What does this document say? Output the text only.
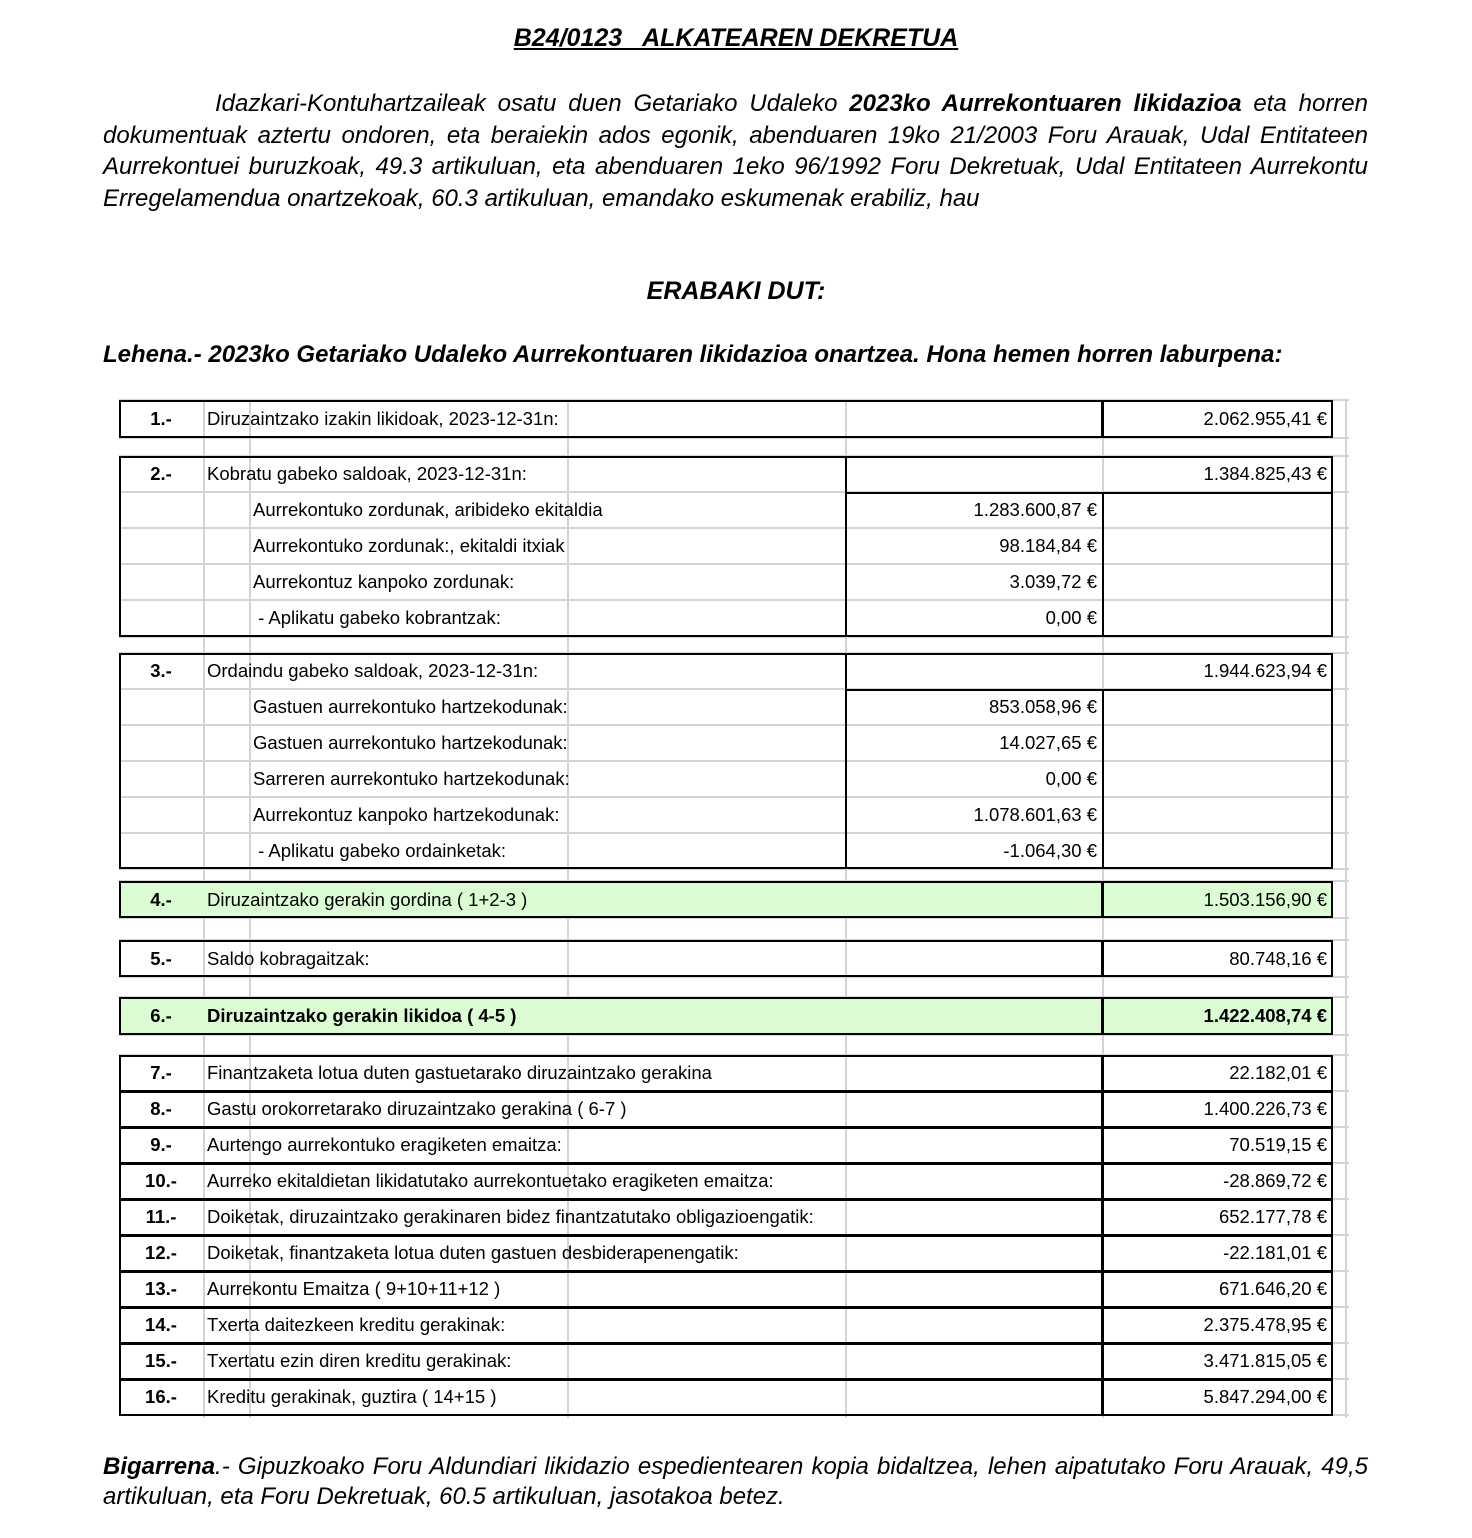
B24/0123   ALKATEAREN DEKRETUA
Idazkari-Kontuhartzaileak osatu duen Getariako Udaleko 2023ko Aurrekontuaren likidazioa eta horren dokumentuak aztertu ondoren, eta beraiekin ados egonik, abenduaren 19ko 21/2003 Foru Arauak, Udal Entitateen Aurrekontuei buruzkoak, 49.3 artikuluan, eta abenduaren 1eko 96/1992 Foru Dekretuak, Udal Entitateen Aurrekontu Erregelamendua onartzekoak, 60.3 artikuluan, emandako eskumenak erabiliz, hau
ERABAKI DUT:
Lehena.- 2023ko Getariako Udaleko Aurrekontuaren likidazioa onartzea. Hona hemen horren laburpena:
1.-	Diruzaintzako izakin likidoak, 2023-12-31n:	2.062.955,41 €
2.-	Kobratu gabeko saldoak, 2023-12-31n:	1.384.825,43 €
Aurrekontuko zordunak, aribideko ekitaldia	1.283.600,87 €
Aurrekontuko zordunak:, ekitaldi itxiak	98.184,84 €
Aurrekontuz kanpoko zordunak:	3.039,72 €
- Aplikatu gabeko kobrantzak:	0,00 €
3.-	Ordaindu gabeko saldoak, 2023-12-31n:	1.944.623,94 €
Gastuen aurrekontuko hartzekodunak:	853.058,96 €
Gastuen aurrekontuko hartzekodunak:	14.027,65 €
Sarreren aurrekontuko hartzekodunak:	0,00 €
Aurrekontuz kanpoko hartzekodunak:	1.078.601,63 €
- Aplikatu gabeko ordainketak:	-1.064,30 €
4.-	Diruzaintzako gerakin gordina ( 1+2-3 )	1.503.156,90 €
5.-	Saldo kobragaitzak:	80.748,16 €
6.-	Diruzaintzako gerakin likidoa ( 4-5 )	1.422.408,74 €
7.-	Finantzaketa lotua duten gastuetarako diruzaintzako gerakina	22.182,01 €
8.-	Gastu orokorretarako diruzaintzako gerakina ( 6-7 )	1.400.226,73 €
9.-	Aurtengo aurrekontuko eragiketen emaitza:	70.519,15 €
10.-	Aurreko ekitaldietan likidatutako aurrekontuetako eragiketen emaitza:	-28.869,72 €
11.-	Doiketak, diruzaintzako gerakinaren bidez finantzatutako obligazioengatik:	652.177,78 €
12.-	Doiketak, finantzaketa lotua duten gastuen desbiderapenengatik:	-22.181,01 €
13.-	Aurrekontu Emaitza ( 9+10+11+12 )	671.646,20 €
14.-	Txerta daitezkeen kreditu gerakinak:	2.375.478,95 €
15.-	Txertatu ezin diren kreditu gerakinak:	3.471.815,05 €
16.-	Kreditu gerakinak, guztira ( 14+15 )	5.847.294,00 €
Bigarrena.- Gipuzkoako Foru Aldundiari likidazio espedientearen kopia bidaltzea, lehen aipatutako Foru Arauak, 49,5 artikuluan, eta Foru Dekretuak, 60.5 artikuluan, jasotakoa betez.
